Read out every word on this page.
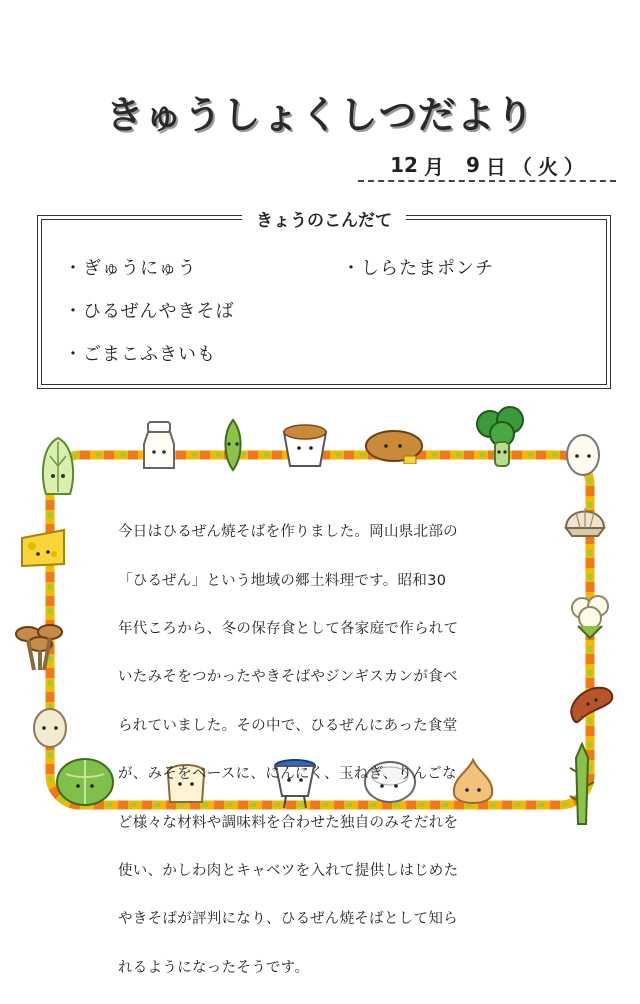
きゅうしょくしつだより
12 月 9 日 （ 火 ）
きょうのこんだて
・ぎゅうにゅう
・ひるぜんやきそば
・ごまこふきいも
・しらたまポンチ

今日はひるぜん焼そばを作りました。岡山県北部の

「ひるぜん」という地域の郷土料理です。昭和30

年代ころから、冬の保存食として各家庭で作られて

いたみそをつかったやきそばやジンギスカンが食べ

られていました。その中で、ひるぜんにあった食堂

が、みそをベースに、にんにく、玉ねぎ、りんごな

ど様々な材料や調味料を合わせた独自のみそだれを

使い、かしわ肉とキャベツを入れて提供しはじめた

やきそばが評判になり、ひるぜん焼そばとして知ら

れるようになったそうです。
